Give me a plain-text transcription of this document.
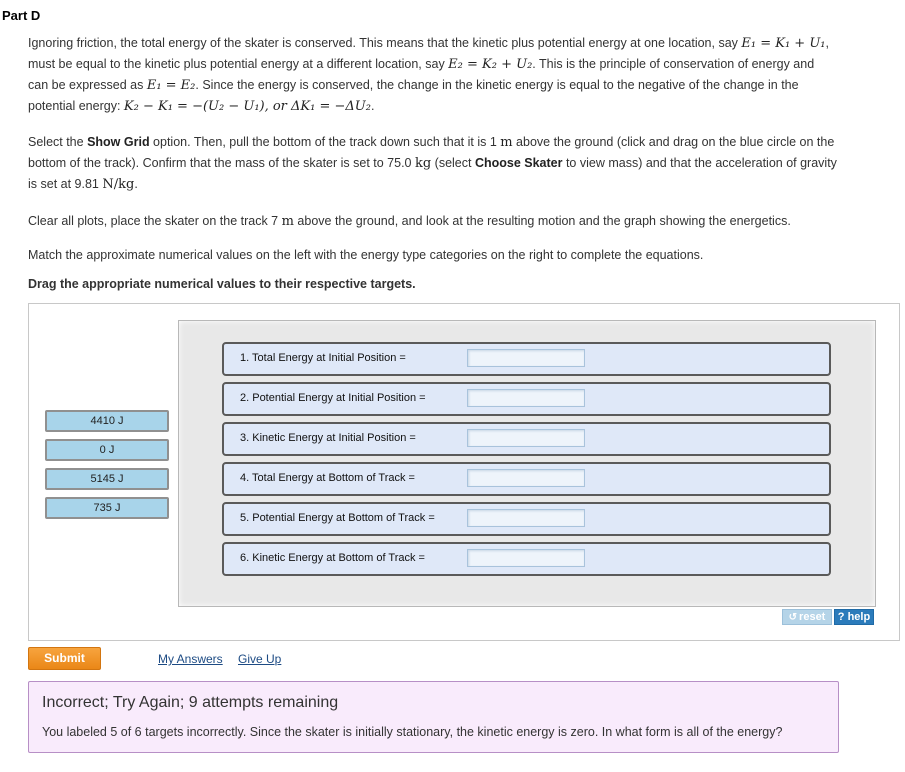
Part D
Ignoring friction, the total energy of the skater is conserved. This means that the kinetic plus potential energy at one location, say E₁ = K₁ + U₁,
must be equal to the kinetic plus potential energy at a different location, say E₂ = K₂ + U₂. This is the principle of conservation of energy and
can be expressed as E₁ = E₂. Since the energy is conserved, the change in the kinetic energy is equal to the negative of the change in the
potential energy: K₂ − K₁ = −(U₂ − U₁), or ΔK₁ = −ΔU₂.
Select the Show Grid option. Then, pull the bottom of the track down such that it is 1 m above the ground (click and drag on the blue circle on the
bottom of the track). Confirm that the mass of the skater is set to 75.0 kg (select Choose Skater to view mass) and that the acceleration of gravity
is set at 9.81 N/kg.
Clear all plots, place the skater on the track 7 m above the ground, and look at the resulting motion and the graph showing the energetics.
Match the approximate numerical values on the left with the energy type categories on the right to complete the equations.
Drag the appropriate numerical values to their respective targets.
4410 J
0 J
5145 J
735 J
1. Total Energy at Initial Position =
2. Potential Energy at Initial Position =
3. Kinetic Energy at Initial Position =
4. Total Energy at Bottom of Track =
5. Potential Energy at Bottom of Track =
6. Kinetic Energy at Bottom of Track =
↺ reset	? help
Submit	My Answers Give Up
Incorrect; Try Again; 9 attempts remaining
You labeled 5 of 6 targets incorrectly. Since the skater is initially stationary, the kinetic energy is zero. In what form is all of the energy?
